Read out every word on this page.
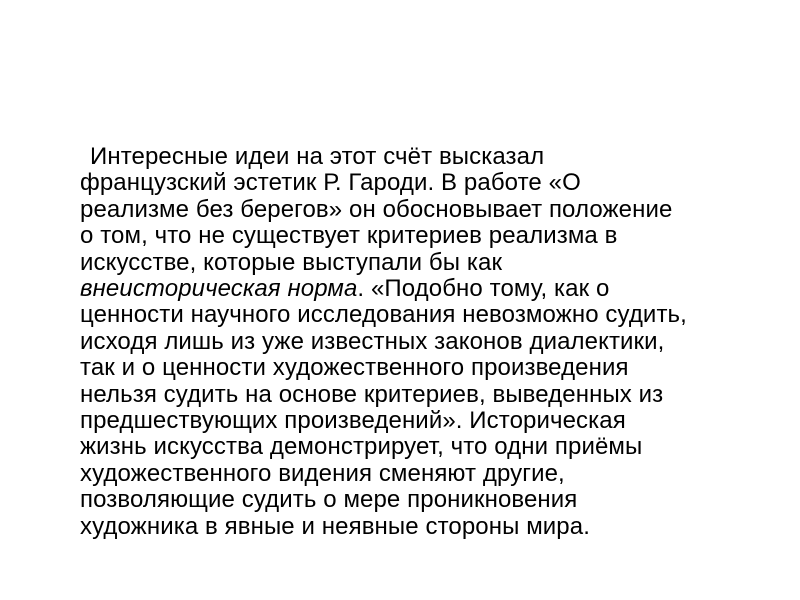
Интересные идеи на этот счёт высказал
французский эстетик Р. Гароди. В работе «О
реализме без берегов» он обосновывает положение
о том, что не существует критериев реализма в
искусстве, которые выступали бы как
внеисторическая норма. «Подобно тому, как о
ценности научного исследования невозможно судить,
исходя лишь из уже известных законов диалектики,
так и о ценности художественного произведения
нельзя судить на основе критериев, выведенных из
предшествующих произведений». Историческая
жизнь искусства демонстрирует, что одни приёмы
художественного видения сменяют другие,
позволяющие судить о мере проникновения
художника в явные и неявные стороны мира.
